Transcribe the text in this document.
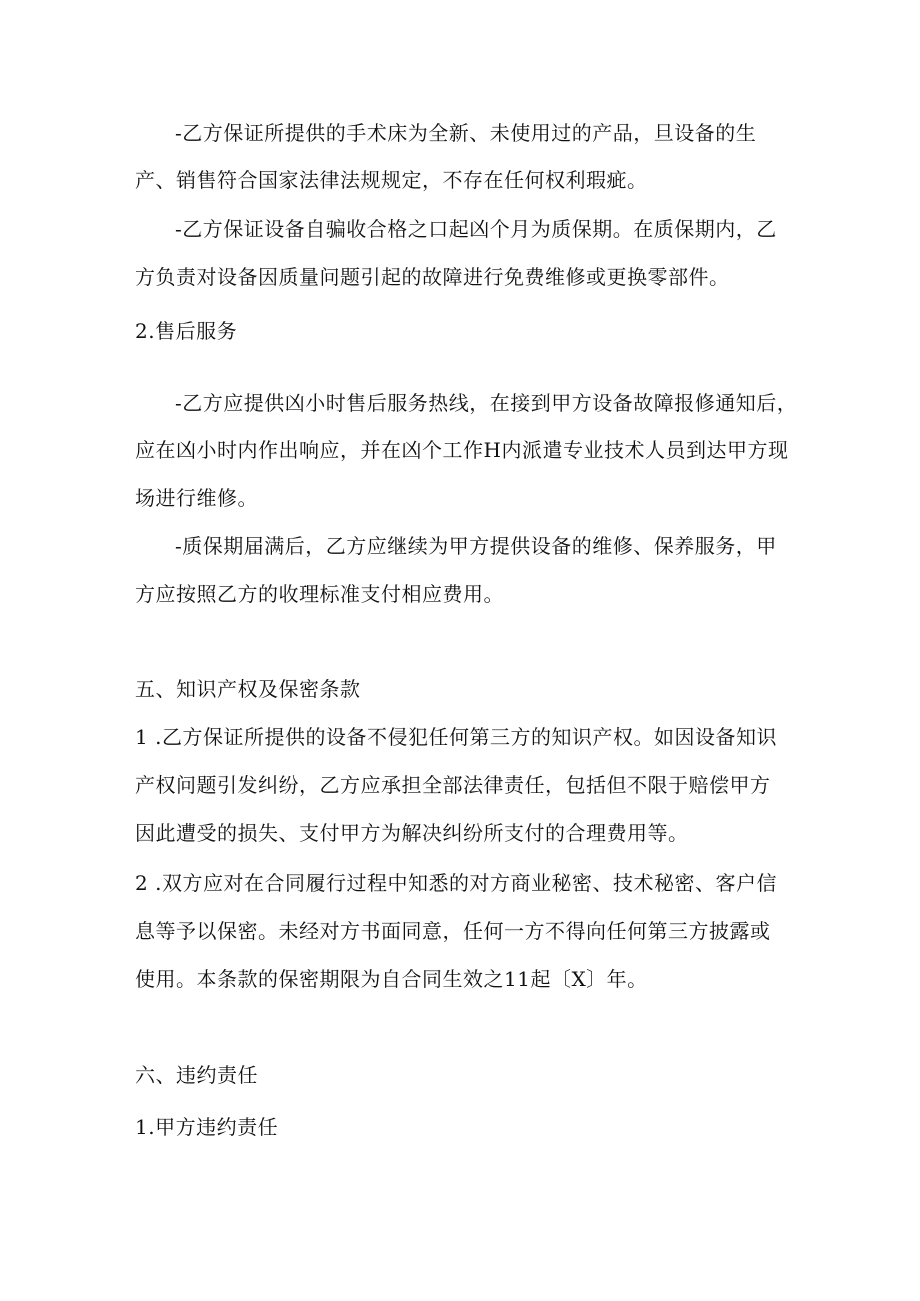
-乙方保证所提供的手术床为全新、未使用过的产品，旦设备的生
产、销售符合国家法律法规规定，不存在任何权利瑕疵。
-乙方保证设备自骗收合格之口起凶个月为质保期。在质保期内，乙
方负责对设备因质量问题引起的故障进行免费维修或更换零部件。
2.售后服务
-乙方应提供凶小时售后服务热线，在接到甲方设备故障报修通知后，
应在凶小时内作出响应，并在凶个工作H内派遣专业技术人员到达甲方现
场进行维修。
-质保期届满后，乙方应继续为甲方提供设备的维修、保养服务，甲
方应按照乙方的收理标准支付相应费用。
五、知识产权及保密条款
1 .乙方保证所提供的设备不侵犯任何第三方的知识产权。如因设备知识
产权问题引发纠纷，乙方应承担全部法律责任，包括但不限于赔偿甲方
因此遭受的损失、支付甲方为解决纠纷所支付的合理费用等。
2 .双方应对在合同履行过程中知悉的对方商业秘密、技术秘密、客户信
息等予以保密。未经对方书面同意，任何一方不得向任何第三方披露或
使用。本条款的保密期限为自合同生效之11起〔X〕年。
六、违约责任
1.甲方违约责任
